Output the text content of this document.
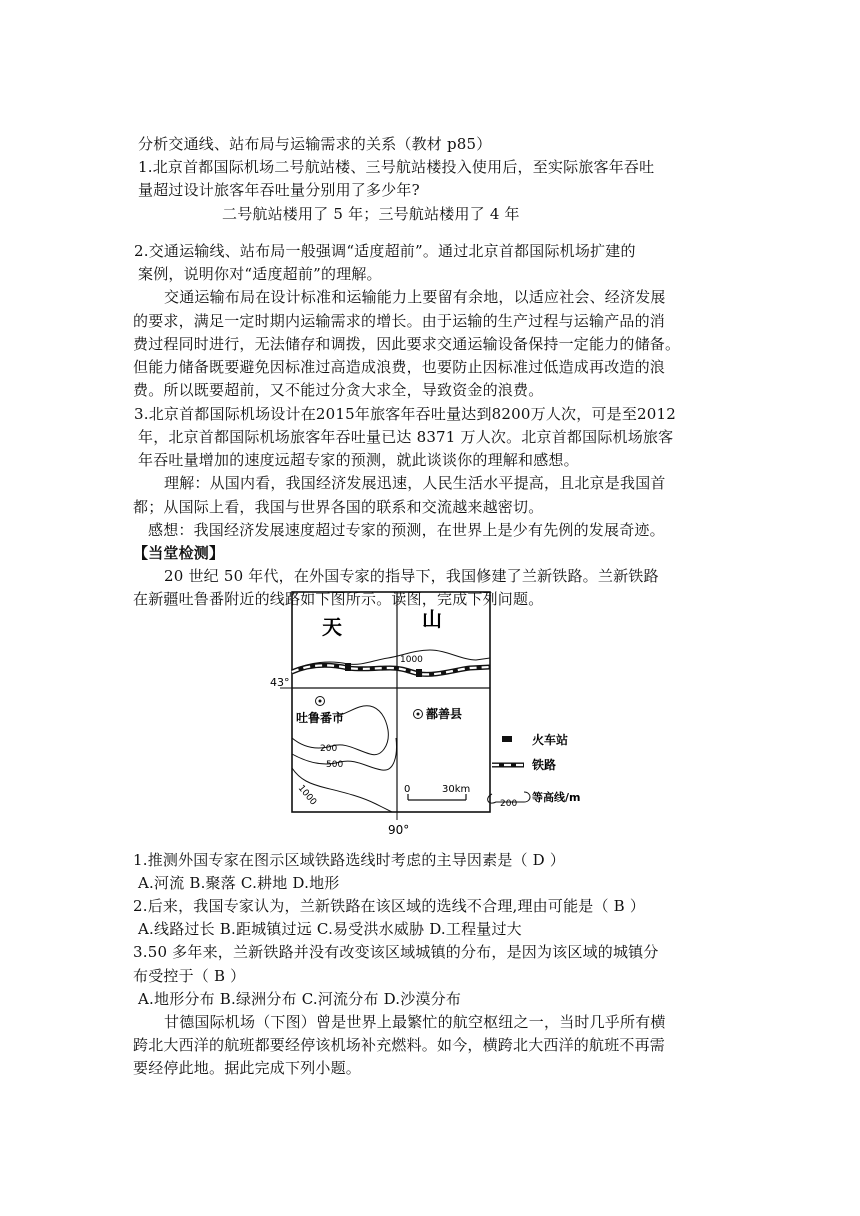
分析交通线、站布局与运输需求的关系（教材 p85）
1.北京首都国际机场二号航站楼、三号航站楼投入使用后，至实际旅客年吞吐
量超过设计旅客年吞吐量分别用了多少年?
二号航站楼用了 5 年；三号航站楼用了 4 年
2.交通运输线、站布局一般强调“适度超前”。通过北京首都国际机场扩建的
案例，说明你对“适度超前”的理解。
交通运输布局在设计标准和运输能力上要留有余地，以适应社会、经济发展
的要求，满足一定时期内运输需求的增长。由于运输的生产过程与运输产品的消
费过程同时进行，无法储存和调拨，因此要求交通运输设备保持一定能力的储备。
但能力储备既要避免因标准过高造成浪费，也要防止因标准过低造成再改造的浪
费。所以既要超前，又不能过分贪大求全，导致资金的浪费。
3.北京首都国际机场设计在2015年旅客年吞吐量达到8200万人次，可是至2012
年，北京首都国际机场旅客年吞吐量已达 8371 万人次。北京首都国际机场旅客
年吞吐量增加的速度远超专家的预测，就此谈谈你的理解和感想。
理解：从国内看，我国经济发展迅速，人民生活水平提高，且北京是我国首
都；从国际上看，我国与世界各国的联系和交流越来越密切。
感想：我国经济发展速度超过专家的预测，在世界上是少有先例的发展奇迹。
【当堂检测】
20 世纪 50 年代，在外国专家的指导下，我国修建了兰新铁路。兰新铁路
在新疆吐鲁番附近的线路如下图所示。读图，完成下列问题。
天	山
1000
43°
90°
吐鲁番市	鄯善县
200
500
1000	0	30km
火车站
铁路
200 等高线/m
1.推测外国专家在图示区域铁路选线时考虑的主导因素是（ D ）
A.河流 B.聚落 C.耕地 D.地形
2.后来，我国专家认为，兰新铁路在该区域的选线不合理,理由可能是（ B ）
A.线路过长 B.距城镇过远 C.易受洪水威胁 D.工程量过大
3.50 多年来，兰新铁路并没有改变该区域城镇的分布，是因为该区域的城镇分
布受控于（ B ）
A.地形分布 B.绿洲分布 C.河流分布 D.沙漠分布
甘德国际机场（下图）曾是世界上最繁忙的航空枢纽之一，当时几乎所有横
跨北大西洋的航班都要经停该机场补充燃料。如今，横跨北大西洋的航班不再需
要经停此地。据此完成下列小题。
